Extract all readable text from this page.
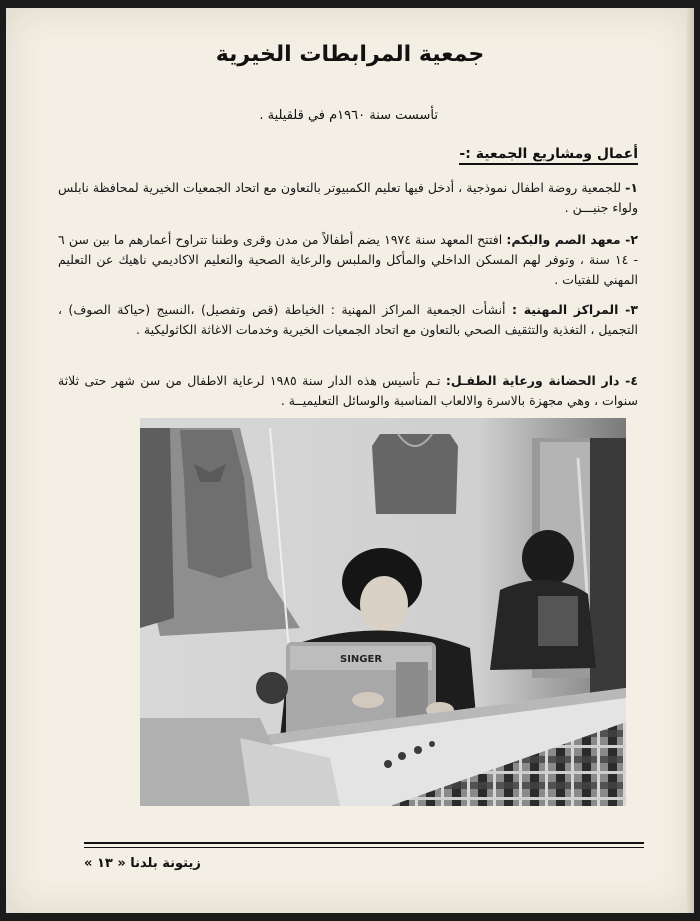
جمعية المرابطات الخيرية
تأسست سنة ١٩٦٠م في قلقيلية .
أعمال ومشاريع الجمعية :-
١- للجمعية روضة اطفال نموذجية ، أدخل فيها تعليم الكمبيوتر بالتعاون مع اتحاد الجمعيات الخيرية لمحافظة نابلس ولواء جنيـــن .
٢- معهد الصم والبكم: افتتح المعهد سنة ١٩٧٤ يضم أطفالاً من مدن وقرى وطننا تتراوح أعمارهم ما بين سن ٦ - ١٤ سنة ، وتوفر لهم المسكن الداخلي والمأكل والملبس والرعاية الصحية والتعليم الاكاديمي ناهيك عن التعليم المهني للفتيات .
٣- المراكز المهنية : أنشأت الجمعية المراكز المهنية : الخياطة (قص وتفصيل) ،النسيج (حياكة الصوف) ، التجميل ، التغذية والتثقيف الصحي بالتعاون مع اتحاد الجمعيات الخيرية وخدمات الاغاثة الكاثوليكية .
٤- دار الحضانة ورعاية الطفـل: تـم تأسيس هذه الدار سنة ١٩٨٥ لرعاية الاطفال من سن شهر حتى ثلاثة سنوات ، وهي مجهزة بالاسرة والالعاب المناسبة والوسائل التعليميــة .
SINGER
زيتونة بلدنا « ١٣ »
